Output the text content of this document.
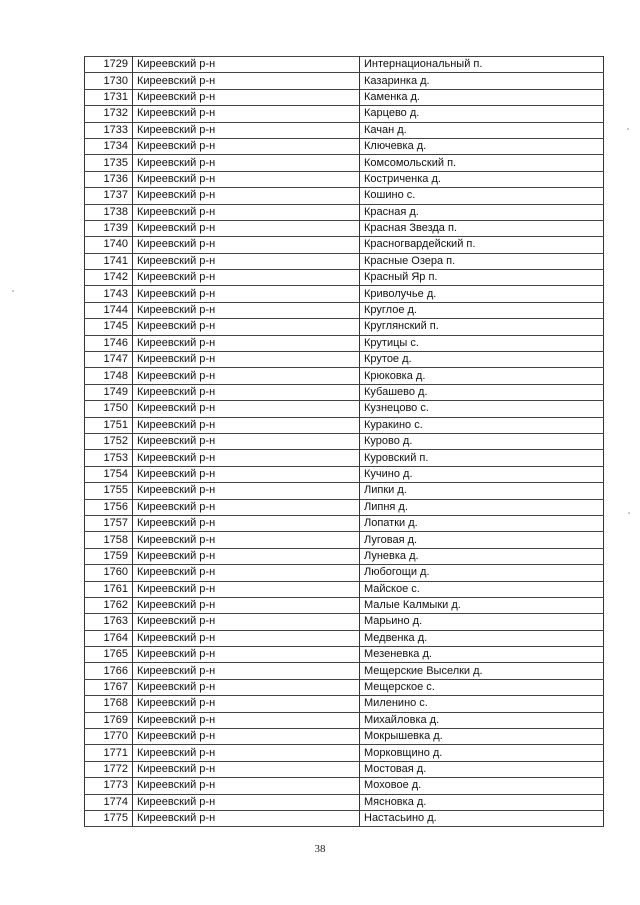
1729	Киреевский р-н	Интернациональный п.
1730	Киреевский р-н	Казаринка д.
1731	Киреевский р-н	Каменка д.
1732	Киреевский р-н	Карцево д.
1733	Киреевский р-н	Качан д.
1734	Киреевский р-н	Ключевка д.
1735	Киреевский р-н	Комсомольский п.
1736	Киреевский р-н	Костриченка д.
1737	Киреевский р-н	Кошино с.
1738	Киреевский р-н	Красная д.
1739	Киреевский р-н	Красная Звезда п.
1740	Киреевский р-н	Красногвардейский п.
1741	Киреевский р-н	Красные Озера п.
1742	Киреевский р-н	Красный Яр п.
1743	Киреевский р-н	Криволучье д.
1744	Киреевский р-н	Круглое д.
1745	Киреевский р-н	Круглянский п.
1746	Киреевский р-н	Крутицы с.
1747	Киреевский р-н	Крутое д.
1748	Киреевский р-н	Крюковка д.
1749	Киреевский р-н	Кубашево д.
1750	Киреевский р-н	Кузнецово с.
1751	Киреевский р-н	Куракино с.
1752	Киреевский р-н	Курово д.
1753	Киреевский р-н	Куровский п.
1754	Киреевский р-н	Кучино д.
1755	Киреевский р-н	Липки д.
1756	Киреевский р-н	Липня д.
1757	Киреевский р-н	Лопатки д.
1758	Киреевский р-н	Луговая д.
1759	Киреевский р-н	Луневка д.
1760	Киреевский р-н	Любогощи д.
1761	Киреевский р-н	Майское с.
1762	Киреевский р-н	Малые Калмыки д.
1763	Киреевский р-н	Марьино д.
1764	Киреевский р-н	Медвенка д.
1765	Киреевский р-н	Мезеневка д.
1766	Киреевский р-н	Мещерские Выселки д.
1767	Киреевский р-н	Мещерское с.
1768	Киреевский р-н	Миленино с.
1769	Киреевский р-н	Михайловка д.
1770	Киреевский р-н	Мокрышевка д.
1771	Киреевский р-н	Морковщино д.
1772	Киреевский р-н	Мостовая д.
1773	Киреевский р-н	Моховое д.
1774	Киреевский р-н	Мясновка д.
1775	Киреевский р-н	Настасьино д.
38
